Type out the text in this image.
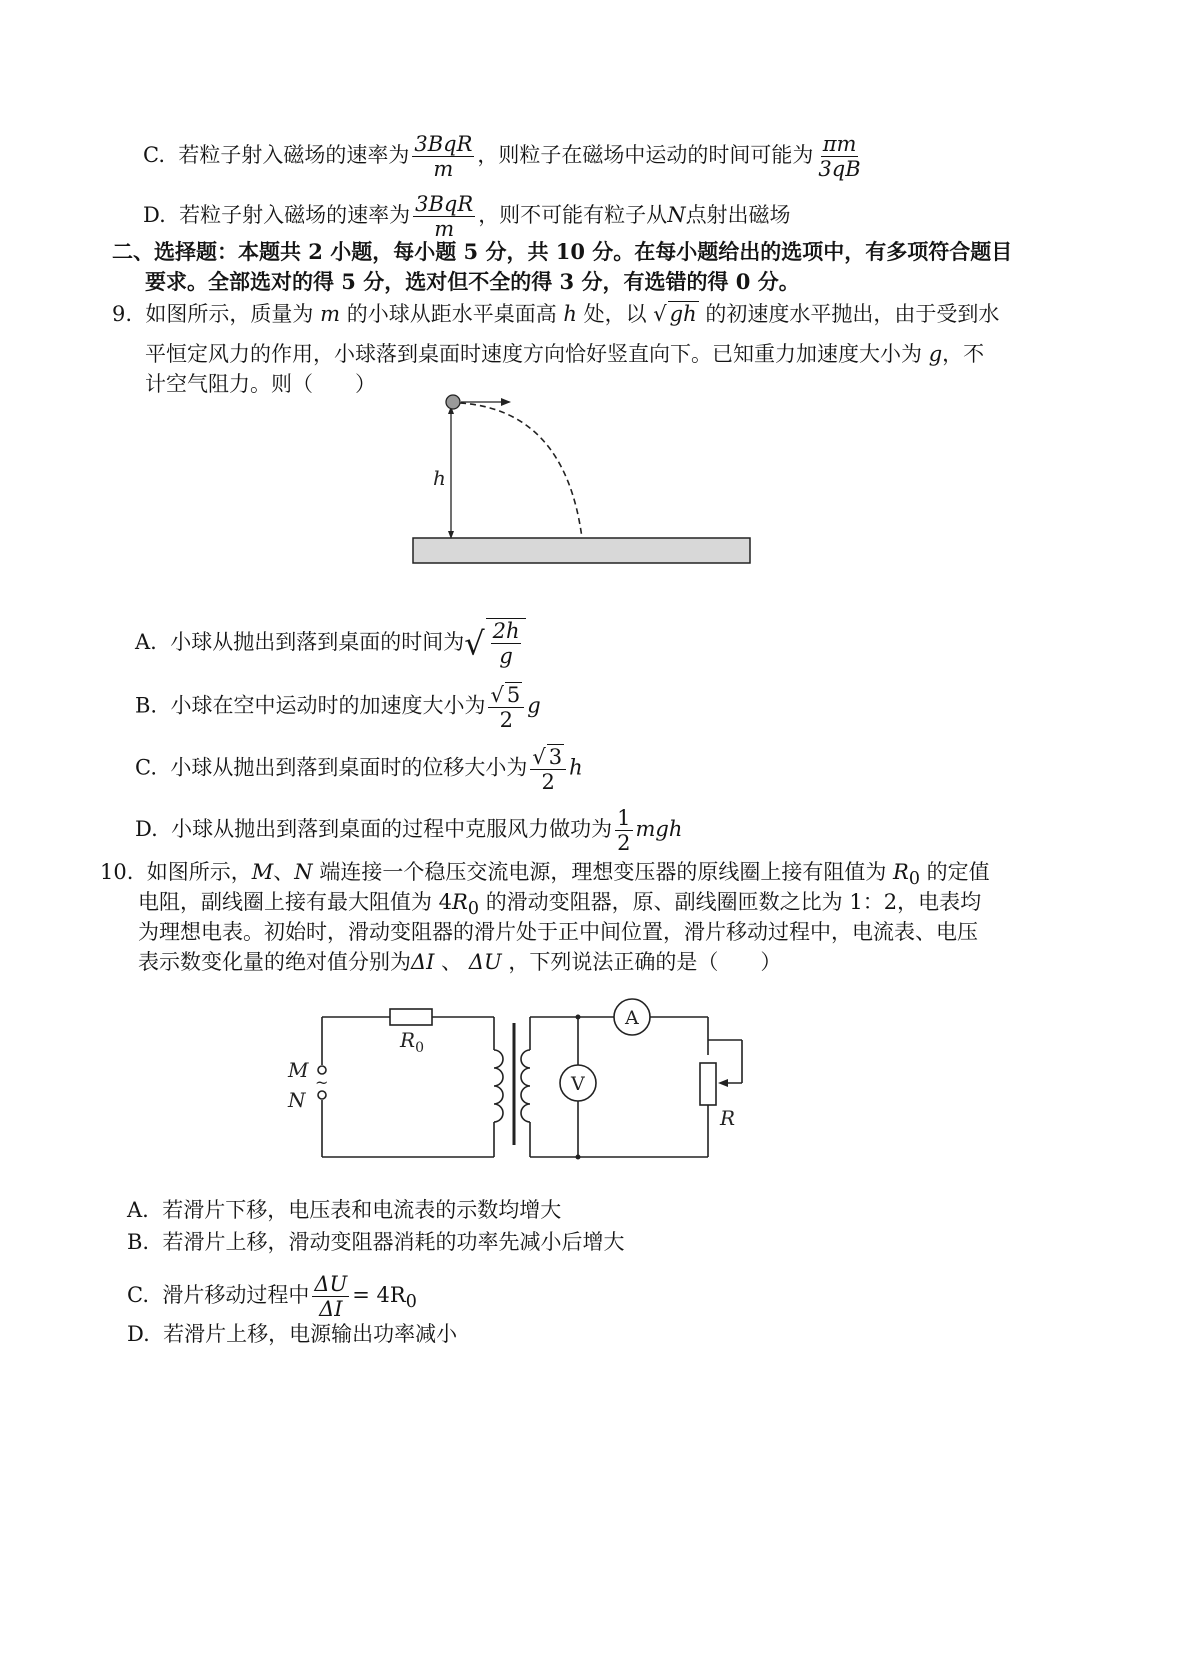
C. 若粒子射入磁场的速率为 $\frac{\text{3BqR}}{m}$ ，则粒子在磁场中运动的时间可能为 $\frac{\pi m}{3qB}$
D. 若粒子射入磁场的速率为 $\frac{\text{3BqR}}{m}$ ，则不可能有粒子从N点射出磁场
二、选择题：本题共 2 小题，每小题 5 分，共 10 分。在每小题给出的选项中，有多项符合题目
要求。全部选对的得 5 分，选对但不全的得 3 分，有选错的得 0 分。
9. 如图所示，质量为 m 的小球从距水平桌面高 h 处，以 √ gh 的初速度水平抛出，由于受到水
平恒定风力的作用，小球落到桌面时速度方向恰好竖直向下。已知重力加速度大小为 g，不
计空气阻力。则（　　）
h
A. 小球从抛出到落到桌面的时间为√ $\frac{2h}{g}$
B. 小球在空中运动时的加速度大小为 $\frac{√ 5}{2}$ g
C. 小球从抛出到落到桌面时的位移大小为 $\frac{√ 3}{2}$ h
D. 小球从抛出到落到桌面的过程中克服风力做功为 $\frac{1}{2}$ mgh
10. 如图所示，M、N 端连接一个稳压交流电源，理想变压器的原线圈上接有阻值为 $R_0$ 的定值
电阻，副线圈上接有最大阻值为 $4R_0$ 的滑动变阻器，原、副线圈匝数之比为 1：2，电表均
为理想电表。初始时，滑动变阻器的滑片处于正中间位置，滑片移动过程中，电流表、电压
表示数变化量的绝对值分别为ΔI 、 ΔU ，下列说法正确的是（　　）
$R_0$
M
~
N
A
V
R
A. 若滑片下移，电压表和电流表的示数均增大
B. 若滑片上移，滑动变阻器消耗的功率先减小后增大
C. 滑片移动过程中 $\frac{\Delta U}{\Delta I} = 4R_0$
D. 若滑片上移，电源输出功率减小
